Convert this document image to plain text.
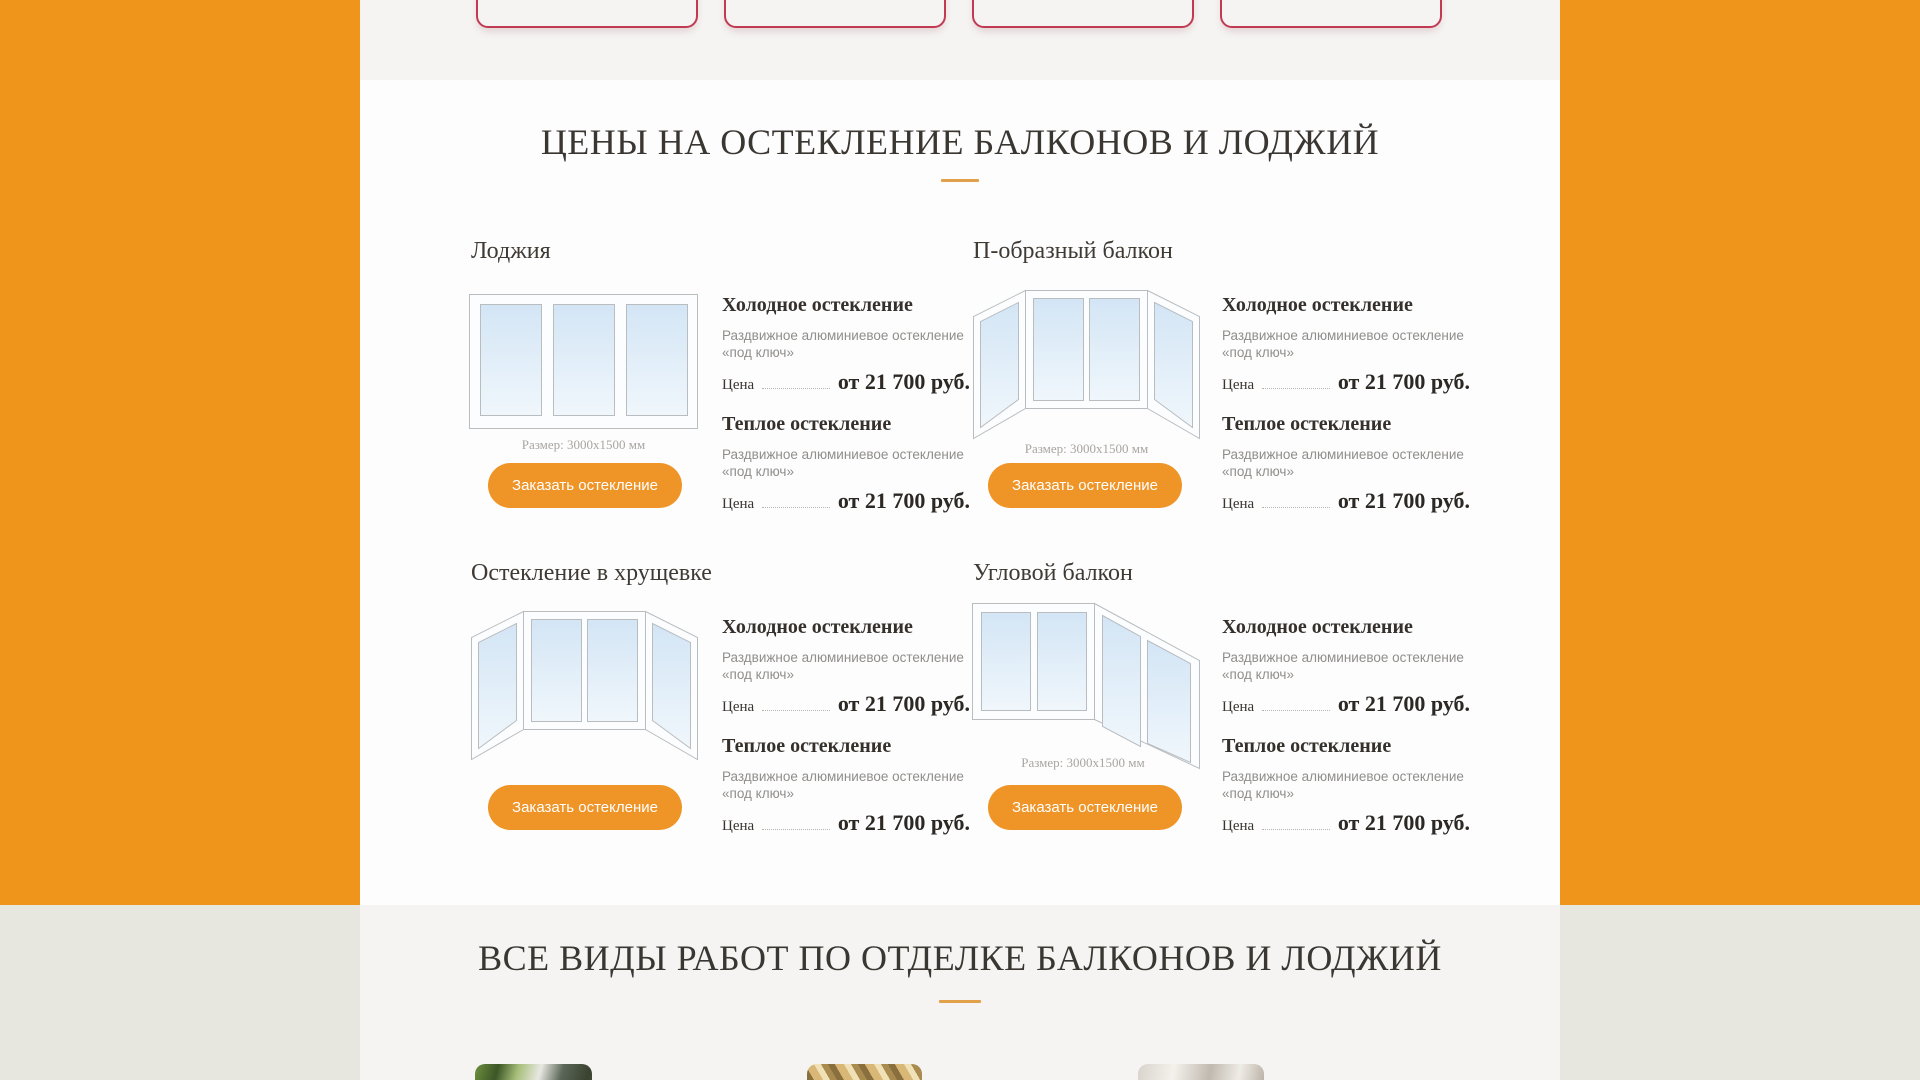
ЦЕНЫ НА ОСТЕКЛЕНИЕ БАЛКОНОВ И ЛОДЖИЙ
Лоджия
Размер: 3000x1500 мм
Заказать остекление
Холодное остекление
Раздвижное алюминиевое остекление «под ключ»
Цена	от 21 700 руб.
Теплое остекление
Раздвижное алюминиевое остекление «под ключ»
Цена	от 21 700 руб.
П-образный балкон
Размер: 3000x1500 мм
Заказать остекление
Холодное остекление
Раздвижное алюминиевое остекление «под ключ»
Цена	от 21 700 руб.
Теплое остекление
Раздвижное алюминиевое остекление «под ключ»
Цена	от 21 700 руб.
Остекление в хрущевке
Заказать остекление
Холодное остекление
Раздвижное алюминиевое остекление «под ключ»
Цена	от 21 700 руб.
Теплое остекление
Раздвижное алюминиевое остекление «под ключ»
Цена	от 21 700 руб.
Угловой балкон
Размер: 3000x1500 мм
Заказать остекление
Холодное остекление
Раздвижное алюминиевое остекление «под ключ»
Цена	от 21 700 руб.
Теплое остекление
Раздвижное алюминиевое остекление «под ключ»
Цена	от 21 700 руб.
ВСЕ ВИДЫ РАБОТ ПО ОТДЕЛКЕ БАЛКОНОВ И ЛОДЖИЙ
